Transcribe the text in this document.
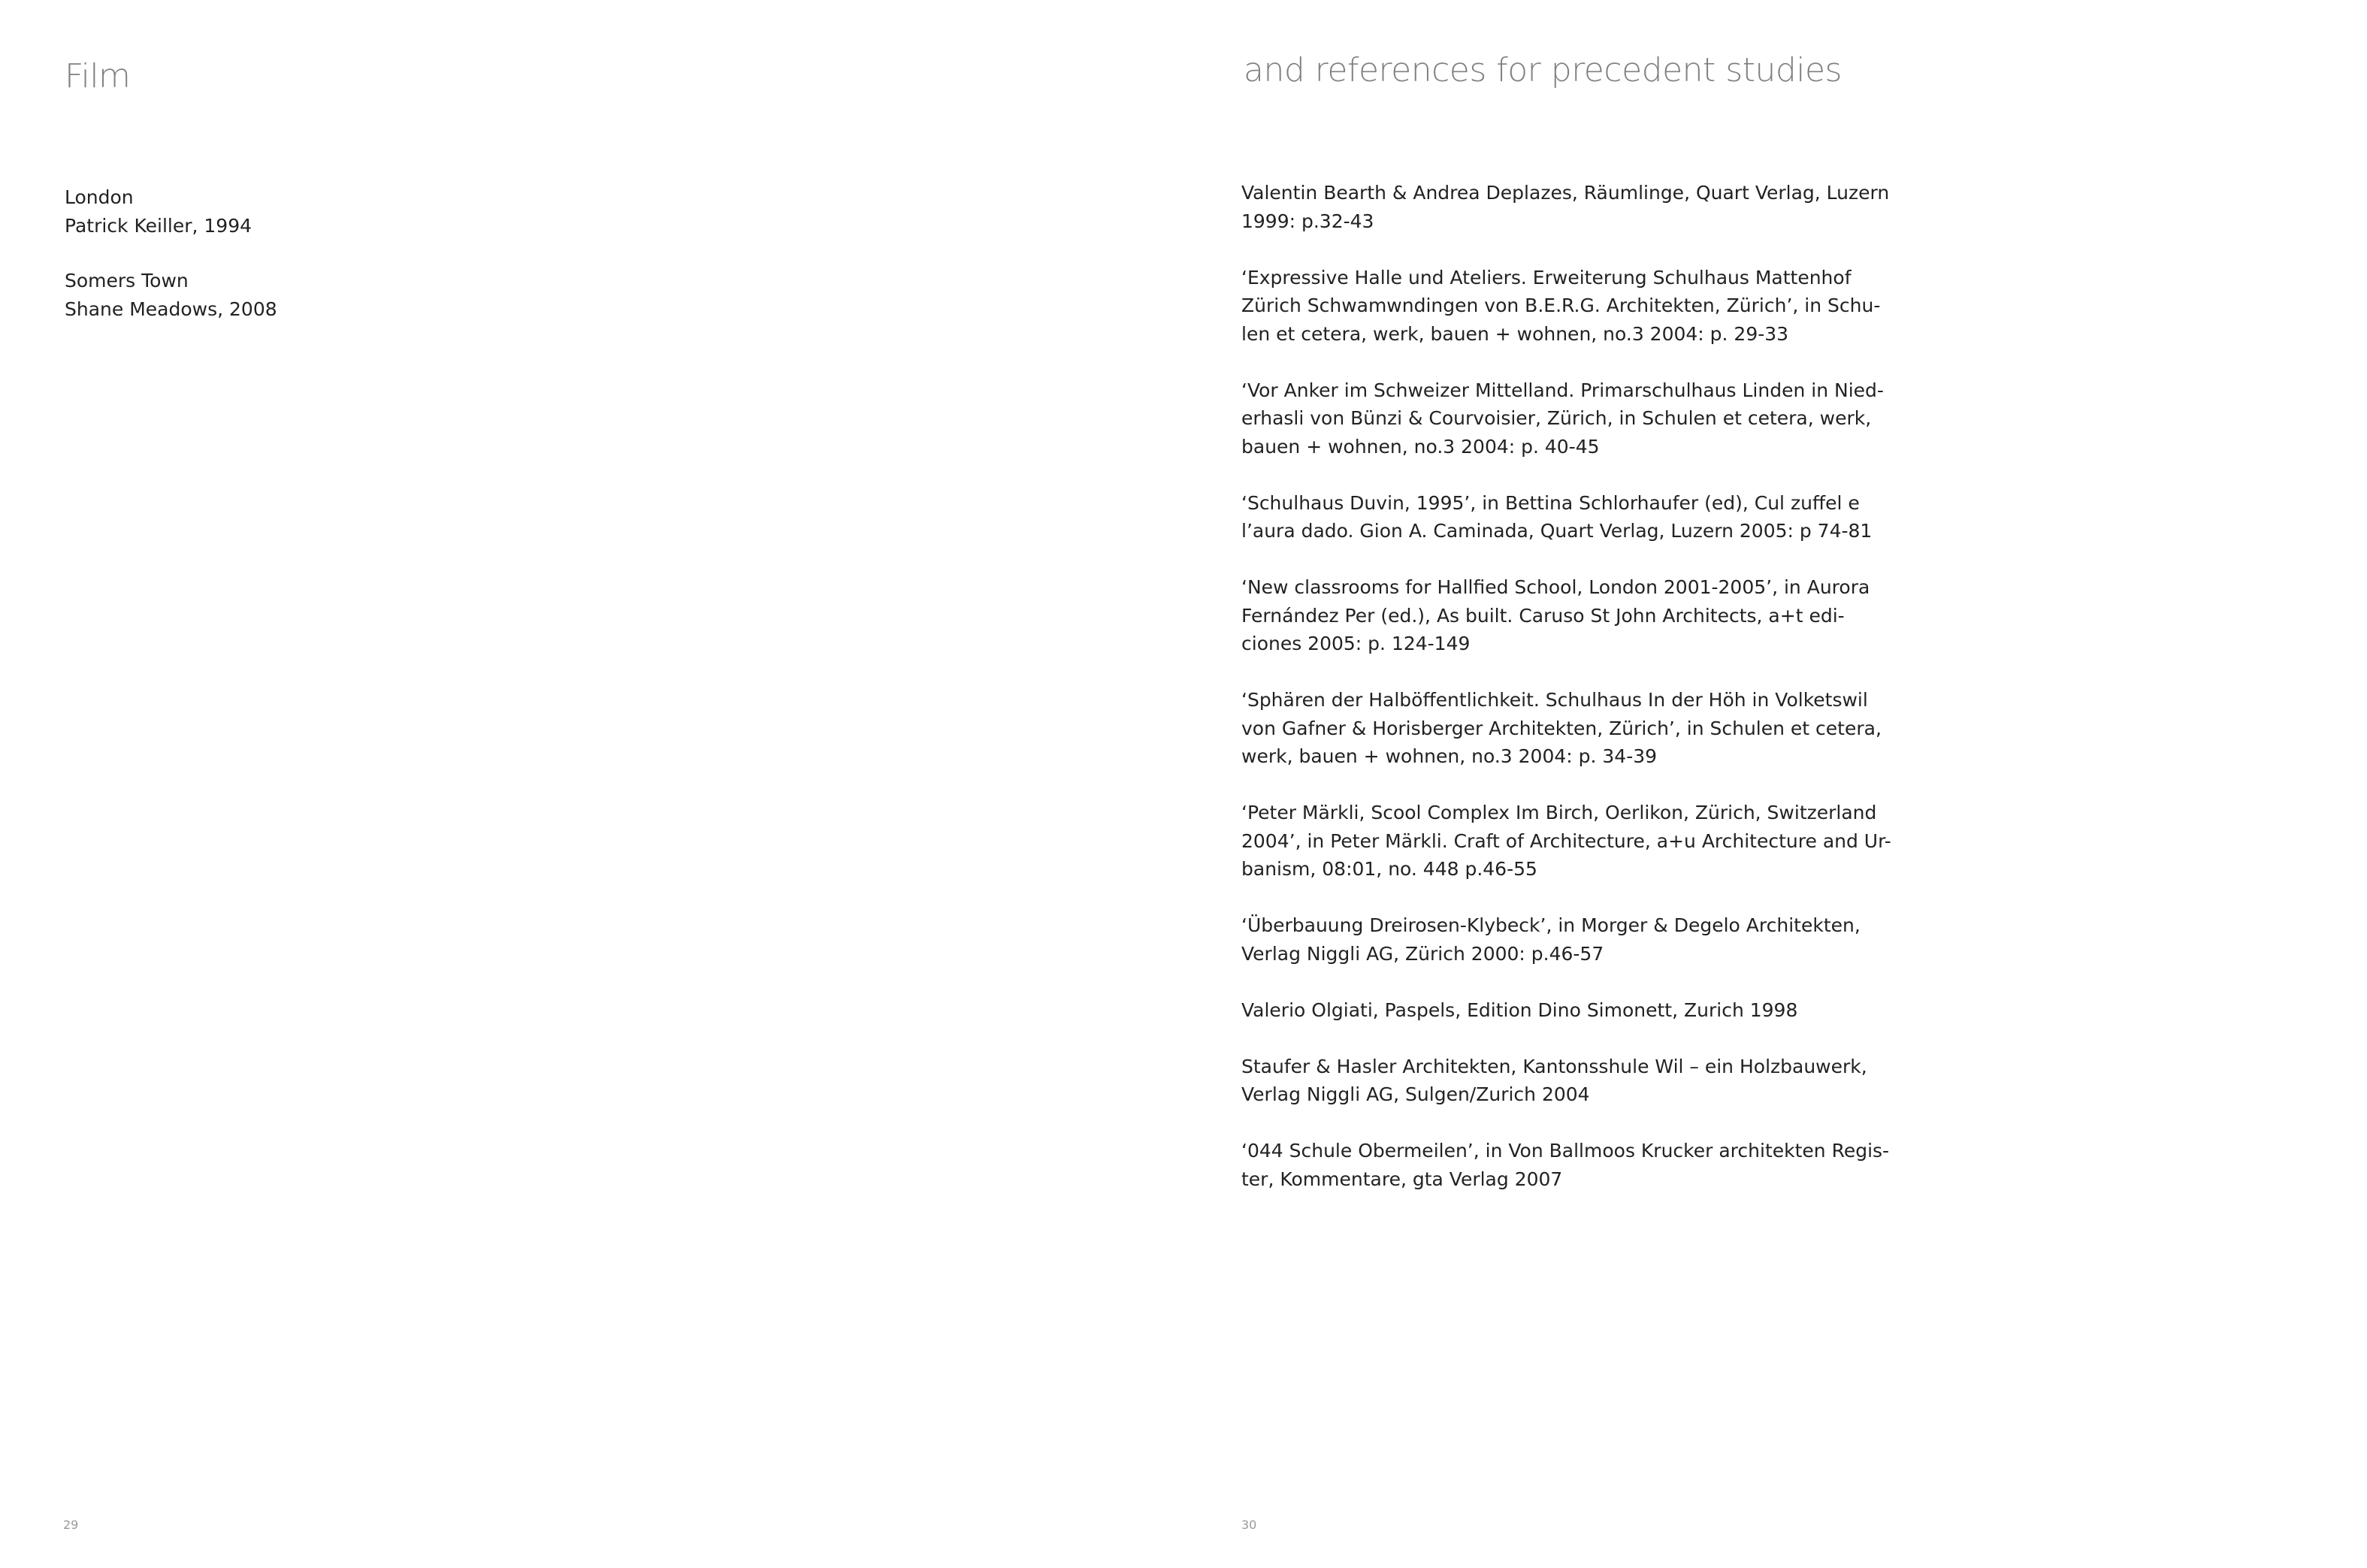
Film
London
Patrick Keiller, 1994
Somers Town
Shane Meadows, 2008
29
and references for precedent studies

Valentin Bearth & Andrea Deplazes, Räumlinge, Quart Verlag, Luzern
1999: p.32-43

‘Expressive Halle und Ateliers. Erweiterung Schulhaus Mattenhof
Zürich Schwamwndingen von B.E.R.G. Architekten, Zürich’, in Schu-
len et cetera, werk, bauen + wohnen, no.3 2004: p. 29-33

‘Vor Anker im Schweizer Mittelland. Primarschulhaus Linden in Nied-
erhasli von Bünzi & Courvoisier, Zürich, in Schulen et cetera, werk,
bauen + wohnen, no.3 2004: p. 40-45

‘Schulhaus Duvin, 1995’, in Bettina Schlorhaufer (ed), Cul zuffel e
l’aura dado. Gion A. Caminada, Quart Verlag, Luzern 2005: p 74-81

‘New classrooms for Hallfied School, London 2001-2005’, in Aurora
Fernández Per (ed.), As built. Caruso St John Architects, a+t edi-
ciones 2005: p. 124-149

‘Sphären der Halböffentlichkeit. Schulhaus In der Höh in Volketswil
von Gafner & Horisberger Architekten, Zürich’, in Schulen et cetera,
werk, bauen + wohnen, no.3 2004: p. 34-39

‘Peter Märkli, Scool Complex Im Birch, Oerlikon, Zürich, Switzerland
2004’, in Peter Märkli. Craft of Architecture, a+u Architecture and Ur-
banism, 08:01, no. 448 p.46-55

‘Überbauung Dreirosen-Klybeck’, in Morger & Degelo Architekten,
Verlag Niggli AG, Zürich 2000: p.46-57

Valerio Olgiati, Paspels, Edition Dino Simonett, Zurich 1998

Staufer & Hasler Architekten, Kantonsshule Wil – ein Holzbauwerk,
Verlag Niggli AG, Sulgen/Zurich 2004

‘044 Schule Obermeilen’, in Von Ballmoos Krucker architekten Regis-
ter, Kommentare, gta Verlag 2007

30
